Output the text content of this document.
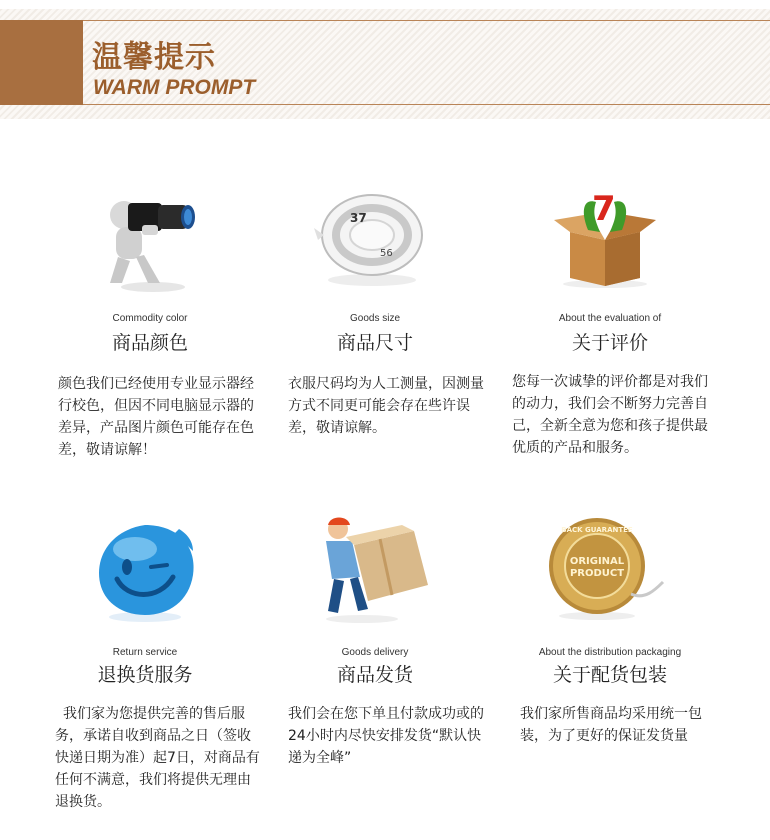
温馨提示
WARM PROMPT
Commodity color
商品颜色
颜色我们已经使用专业显示器经行校色，但因不同电脑显示器的差异，产品图片颜色可能存在色差，敬请谅解！
37
56
Goods size
商品尺寸
衣服尺码均为人工测量，因测量方式不同更可能会存在些许误差，敬请谅解。
7
About the evaluation of
关于评价
您每一次诚挚的评价都是对我们的动力，我们会不断努力完善自己，全新全意为您和孩子提供最优质的产品和服务。
Return service
退换货服务
我们家为您提供完善的售后服务，承诺自收到商品之日（签收快递日期为准）起7日，对商品有任何不满意，我们将提供无理由退换货。
Goods delivery
商品发货
我们会在您下单且付款成功或的24小时内尽快安排发货“默认快递为全峰”
BACK GUARANTEE
ORIGINAL
PRODUCT
About the distribution packaging
关于配货包装
我们家所售商品均采用统一包装，为了更好的保证发货量
